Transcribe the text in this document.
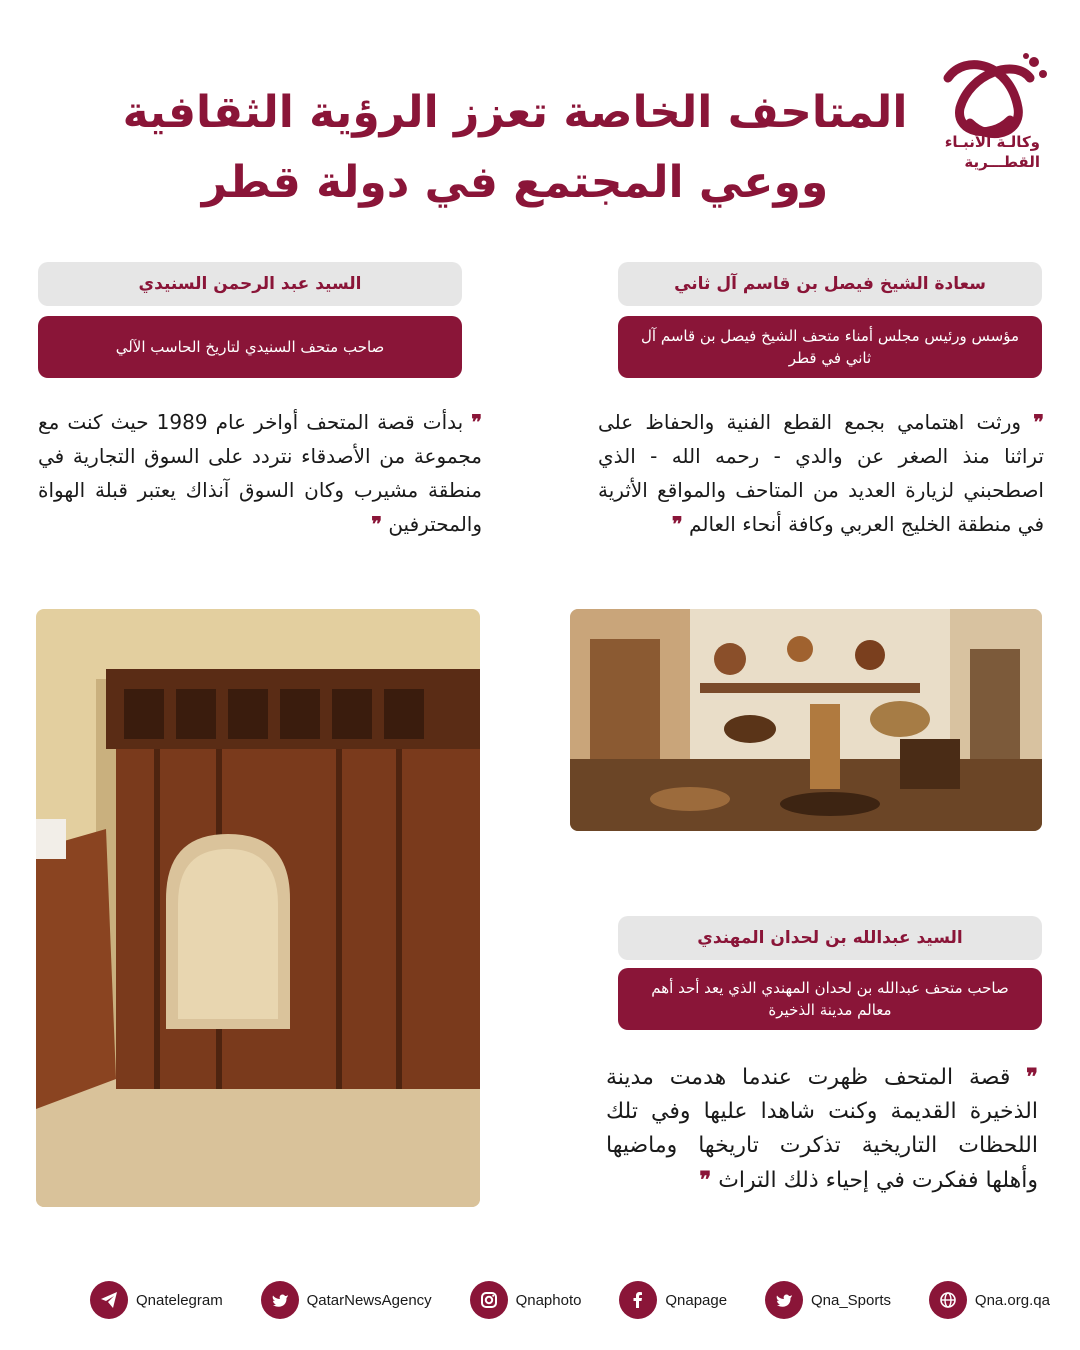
المتاحف الخاصة تعزز الرؤية الثقافية
ووعي المجتمع في دولة قطر
وكالـة الأنبـاء
القطـــرية
سعادة الشيخ فيصل بن قاسم آل ثاني
مؤسس ورئيس مجلس أمناء متحف الشيخ فيصل بن قاسم آل ثاني في قطر
❞ ورثت اهتمامي بجمع القطع الفنية والحفاظ على تراثنا منذ الصغر عن والدي - رحمه الله - الذي اصطحبني لزيارة العديد من المتاحف والمواقع الأثرية في منطقة الخليج العربي وكافة أنحاء العالم ❞
السيد عبد الرحمن السنيدي
صاحب متحف السنيدي لتاريخ الحاسب الآلي
❞ بدأت قصة المتحف أواخر عام 1989 حيث كنت مع مجموعة من الأصدقاء نتردد على السوق التجارية في منطقة مشيرب وكان السوق آنذاك يعتبر قبلة الهواة والمحترفين ❞
السيد عبدالله بن لحدان المهندي
صاحب متحف عبدالله بن لحدان المهندي الذي يعد أحد أهم معالم مدينة الذخيرة
❞ قصة المتحف ظهرت عندما هدمت مدينة الذخيرة القديمة وكنت شاهدا عليها وفي تلك اللحظات التاريخية تذكرت تاريخها وماضيها وأهلها ففكرت في إحياء ذلك التراث ❞
Qnatelegram	QatarNewsAgency	Qnaphoto	Qnapage	Qna_Sports	Qna.org.qa
